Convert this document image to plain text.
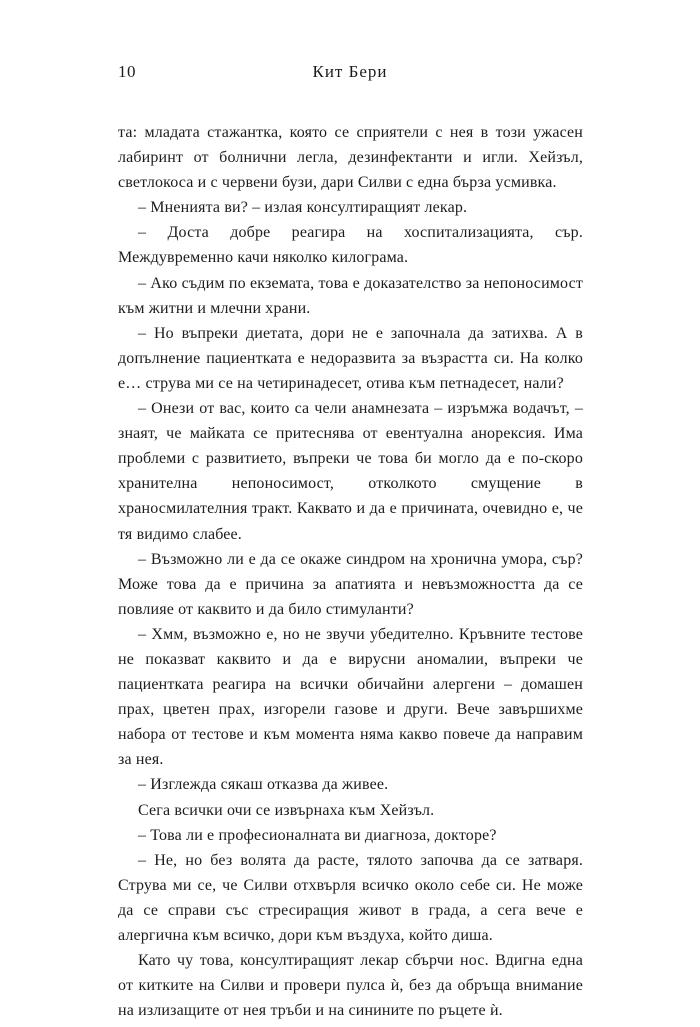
10	Кит Бери

та: младата стажантка, която се сприятели с нея в този ужасен лабиринт от болнични легла, дезинфектанти и игли. Хейзъл, светлокоса и с червени бузи, дари Силви с една бърза усмивка.

– Мненията ви? – излая консултиращият лекар.

– Доста добре реагира на хоспитализацията, сър. Междувременно качи няколко килограма.

– Ако съдим по екзематa, това е доказателство за непоносимост към житни и млечни храни.

– Но въпреки диетата, дори не е започнала да затихва. А в допълнение пациентката е недоразвита за възрастта си. На колко е… струва ми се на четиринадесет, отива към петнадесет, нали?

– Онези от вас, които са чели анамнезата – изръмжа водачът, – знаят, че майката се притеснява от евентуална анорексия. Има проблеми с развитието, въпреки че това би могло да е по-скоро хранителна непоносимост, отколкото смущение в храносмилателния тракт. Каквато и да е причината, очевидно е, че тя видимо слабее.

– Възможно ли е да се окаже синдром на хронична умора, сър? Може това да е причина за апатията и невъзможността да се повлияе от каквито и да било стимуланти?

– Хмм, възможно е, но не звучи убедително. Кръвните тестове не показват каквито и да е вирусни аномалии, въпреки че пациентката реагира на всички обичайни алергени – домашен прах, цветен прах, изгорели газове и други. Вече завършихме набора от тестове и към момента няма какво повече да направим за нея.

– Изглежда сякаш отказва да живее.

Сега всички очи се извърнаха към Хейзъл.

– Това ли е професионалната ви диагноза, докторе?

– Не, но без волята да расте, тялото започва да се затваря. Струва ми се, че Силви отхвърля всичко около себе си. Не може да се справи със стресиращия живот в града, а сега вече е алергична към всичко, дори към въздуха, който диша.

Като чу това, консултиращият лекар сбърчи нос. Вдигна една от китките на Силви и провери пулса ѝ, без да обръща внимание на излизащите от нея тръби и на синините по ръцете ѝ.
